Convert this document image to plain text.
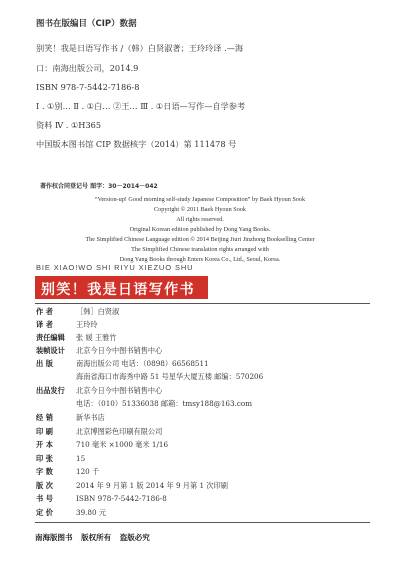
图书在版编目（CIP）数据
别笑！我是日语写作书 /（韩）白贤淑著；王玲玲译 .—海
口：南海出版公司，2014.9
ISBN 978-7-5442-7186-8
Ⅰ . ①别… Ⅱ . ①白… ②王… Ⅲ . ①日语—写作—自学参考
资料 Ⅳ . ①H365
中国版本图书馆 CIP 数据核字（2014）第 111478 号
著作权合同登记号 图字：30－2014－042
“Version-up! Good morning self-study Japanese Composition” by Baek Hyoun Sook
Copyright © 2011 Baek Hyoun Sook
All rights reserved.
Original Korean edition published by Dong Yang Books.
The Simplified Chinese Language edition © 2014 Beijing Jiuri Jinzhong Bookselling Center
The Simplified Chinese translation rights arranged with
Dong Yang Books through Enters Korea Co., Ltd., Seoul, Korea.
BIE XIAO!WO SHI RIYU XIEZUO SHU
别笑！我是日语写作书
作 者	［韩］白贤淑
译 者	王玲玲
责任编辑 张 媛 王雅竹
装帧设计 北京今日今中图书销售中心
出 版	南海出版公司 电话：（0898）66568511
海南省海口市海秀中路 51 号星华大厦五楼 邮编：570206
出品发行 北京今日今中图书销售中心
电话：（010）51336038 邮箱：tmsy188@163.com
经 销	新华书店
印 刷	北京博图彩色印刷有限公司
开 本	710 毫米 ×1000 毫米 1/16
印 张	15
字 数	120 千
版 次	2014 年 9 月第 1 版 2014 年 9 月第 1 次印刷
书 号	ISBN 978-7-5442-7186-8
定 价	39.80 元
南海版图书 版权所有 盗版必究
